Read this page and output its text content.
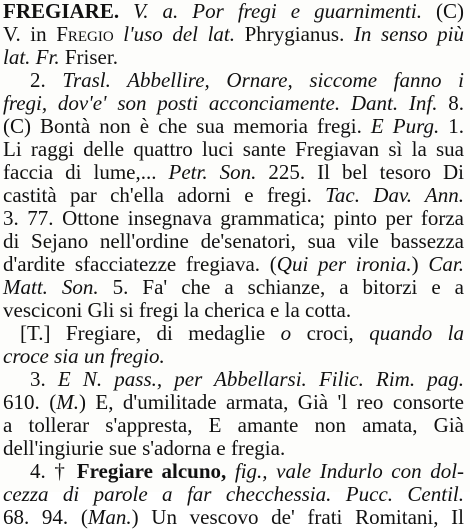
FREGIARE. V. a. Por fregi e guarnimenti. (C)
V. in Fregio l'uso del lat. Phrygianus. In senso più
lat. Fr. Friser.
2. Trasl. Abbellire, Ornare, siccome fanno i
fregi, dov'e' son posti acconciamente. Dant. Inf. 8.
(C) Bontà non è che sua memoria fregi. E Purg. 1.
Li raggi delle quattro luci sante Fregiavan sì la sua
faccia di lume,... Petr. Son. 225. Il bel tesoro Di
castità par ch'ella adorni e fregi. Tac. Dav. Ann.
3. 77. Ottone insegnava grammatica; pinto per forza
di Sejano nell'ordine de'senatori, sua vile bassezza
d'ardite sfacciatezze fregiava. (Qui per ironia.) Car.
Matt. Son. 5. Fa' che a schianze, a bitorzi e a
vesciconi Gli si fregi la cherica e la cotta.
[T.] Fregiare, di medaglie o croci, quando la
croce sia un fregio.
3. E N. pass., per Abbellarsi. Filic. Rim. pag.
610. (M.) E, d'umilitade armata, Già 'l reo consorte
a tollerar s'appresta, E amante non amata, Già
dell'ingiurie sue s'adorna e fregia.
4. † Fregiare alcuno, fig., vale Indurlo con dol-
cezza di parole a far checchessia. Pucc. Centil.
68. 94. (Man.) Un vescovo de' frati Romitani, Il
